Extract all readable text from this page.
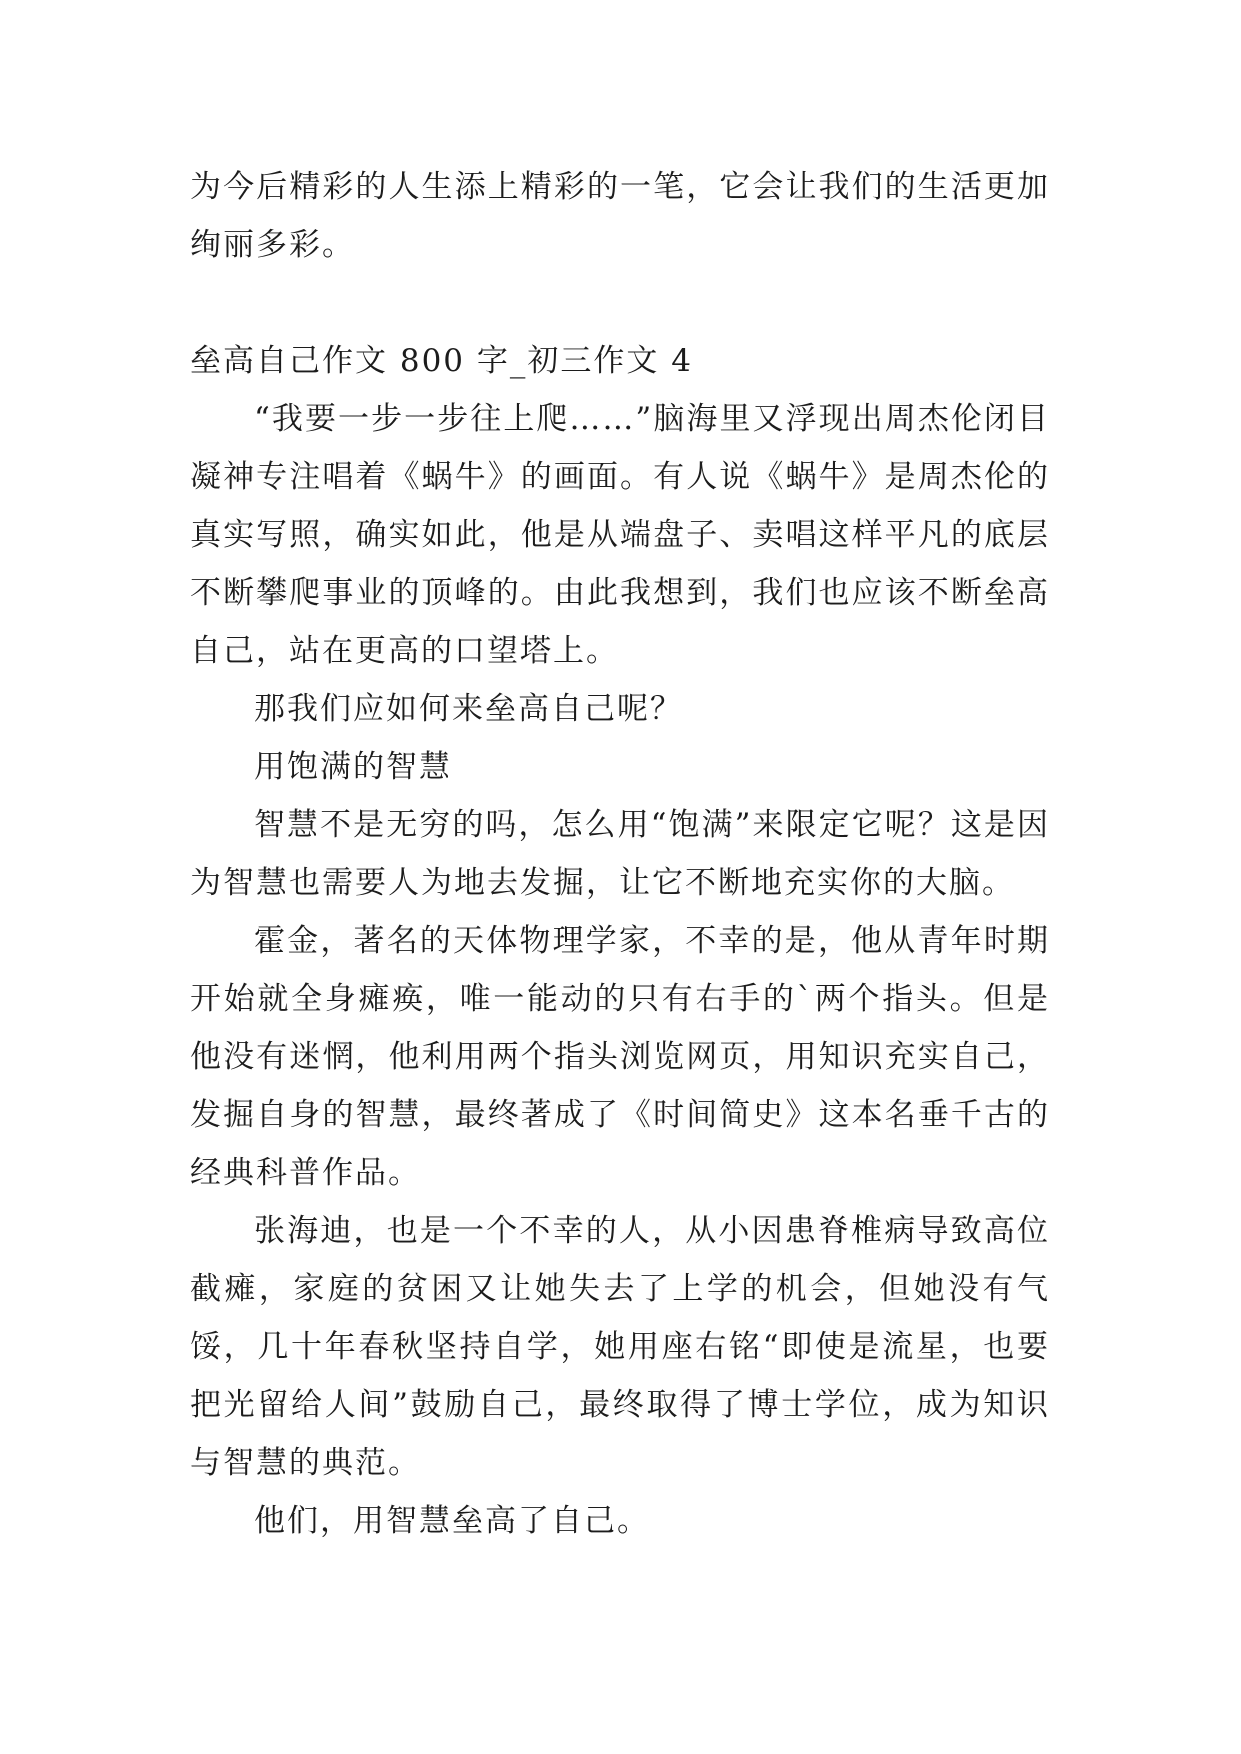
为今后精彩的人生添上精彩的一笔，它会让我们的生活更加绚丽多彩。

垒高自己作文 800 字_初三作文 4

“我要一步一步往上爬……”脑海里又浮现出周杰伦闭目凝神专注唱着《蜗牛》的画面。有人说《蜗牛》是周杰伦的真实写照，确实如此，他是从端盘子、卖唱这样平凡的底层不断攀爬事业的顶峰的。由此我想到，我们也应该不断垒高自己，站在更高的口望塔上。

那我们应如何来垒高自己呢？

用饱满的智慧

智慧不是无穷的吗，怎么用“饱满”来限定它呢？这是因为智慧也需要人为地去发掘，让它不断地充实你的大脑。

霍金，著名的天体物理学家，不幸的是，他从青年时期开始就全身瘫痪，唯一能动的只有右手的`两个指头。但是他没有迷惘，他利用两个指头浏览网页，用知识充实自己，发掘自身的智慧，最终著成了《时间简史》这本名垂千古的经典科普作品。

张海迪，也是一个不幸的人，从小因患脊椎病导致高位截瘫，家庭的贫困又让她失去了上学的机会，但她没有气馁，几十年春秋坚持自学，她用座右铭“即使是流星，也要把光留给人间”鼓励自己，最终取得了博士学位，成为知识与智慧的典范。

他们，用智慧垒高了自己。
